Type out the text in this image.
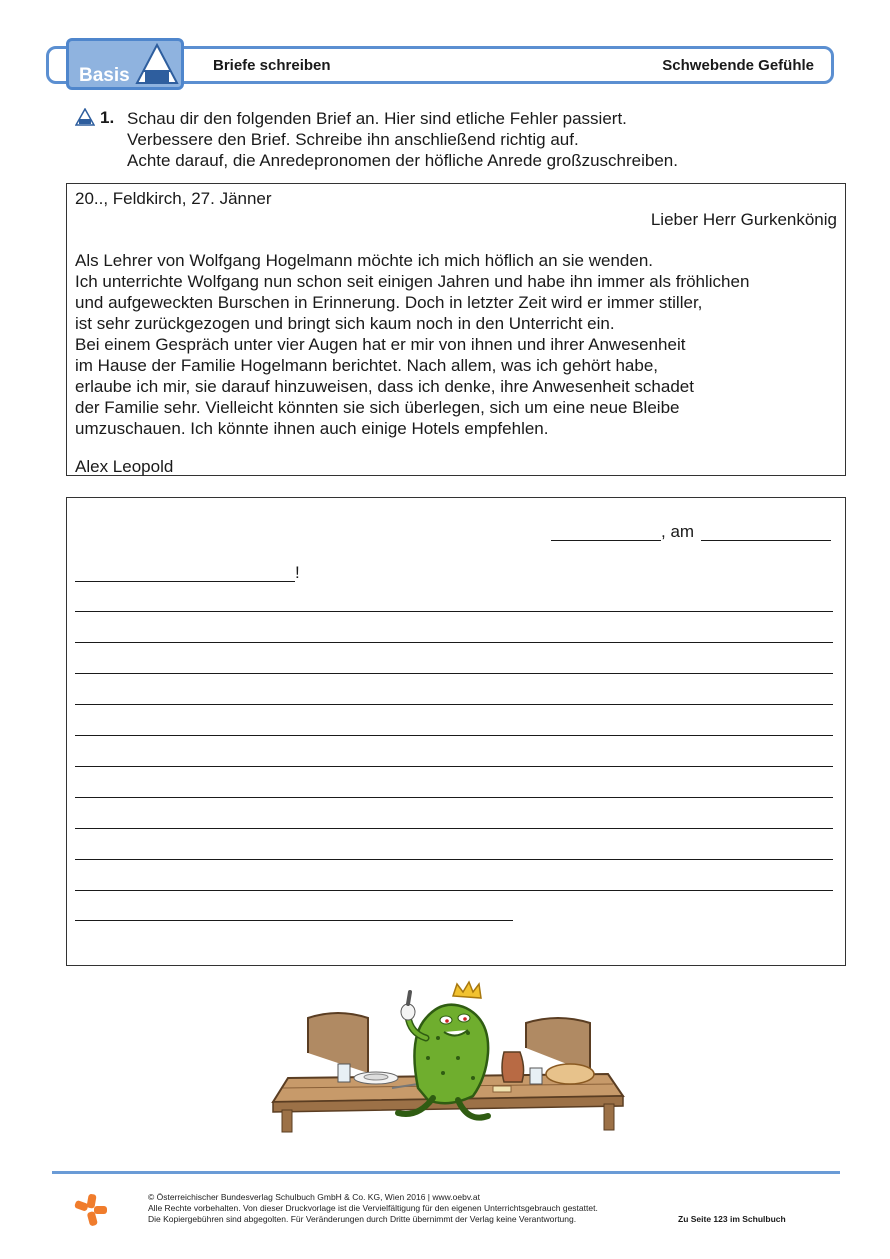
Basis	Briefe schreiben	Schwebende Gefühle
1. Schau dir den folgenden Brief an. Hier sind etliche Fehler passiert.
Verbessere den Brief. Schreibe ihn anschließend richtig auf.
Achte darauf, die Anredepronomen der höfliche Anrede großzuschreiben.
20.., Feldkirch, 27. Jänner
Lieber Herr Gurkenkönig
Als Lehrer von Wolfgang Hogelmann möchte ich mich höflich an sie wenden.
Ich unterrichte Wolfgang nun schon seit einigen Jahren und habe ihn immer als fröhlichen
und aufgeweckten Burschen in Erinnerung. Doch in letzter Zeit wird er immer stiller,
ist sehr zurückgezogen und bringt sich kaum noch in den Unterricht ein.
Bei einem Gespräch unter vier Augen hat er mir von ihnen und ihrer Anwesenheit
im Hause der Familie Hogelmann berichtet. Nach allem, was ich gehört habe,
erlaube ich mir, sie darauf hinzuweisen, dass ich denke, ihre Anwesenheit schadet
der Familie sehr. Vielleicht könnten sie sich überlegen, sich um eine neue Bleibe
umzuschauen. Ich könnte ihnen auch einige Hotels empfehlen.
Alex Leopold
, am
!
© Österreichischer Bundesverlag Schulbuch GmbH & Co. KG, Wien 2016 | www.oebv.at
Alle Rechte vorbehalten. Von dieser Druckvorlage ist die Vervielfältigung für den eigenen Unterrichtsgebrauch gestattet.
Die Kopiergebühren sind abgegolten. Für Veränderungen durch Dritte übernimmt der Verlag keine Verantwortung.	Zu Seite 123 im Schulbuch
